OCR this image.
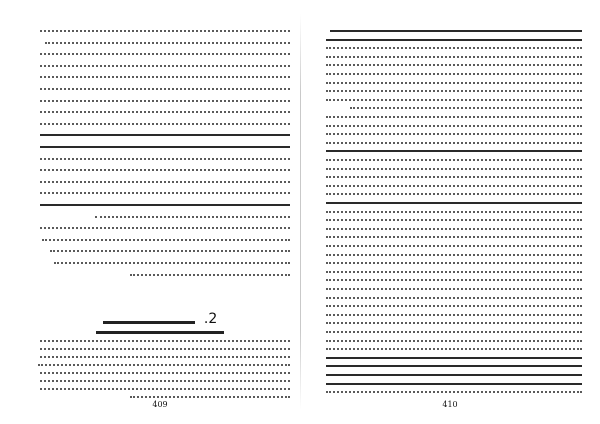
2.
409	410
